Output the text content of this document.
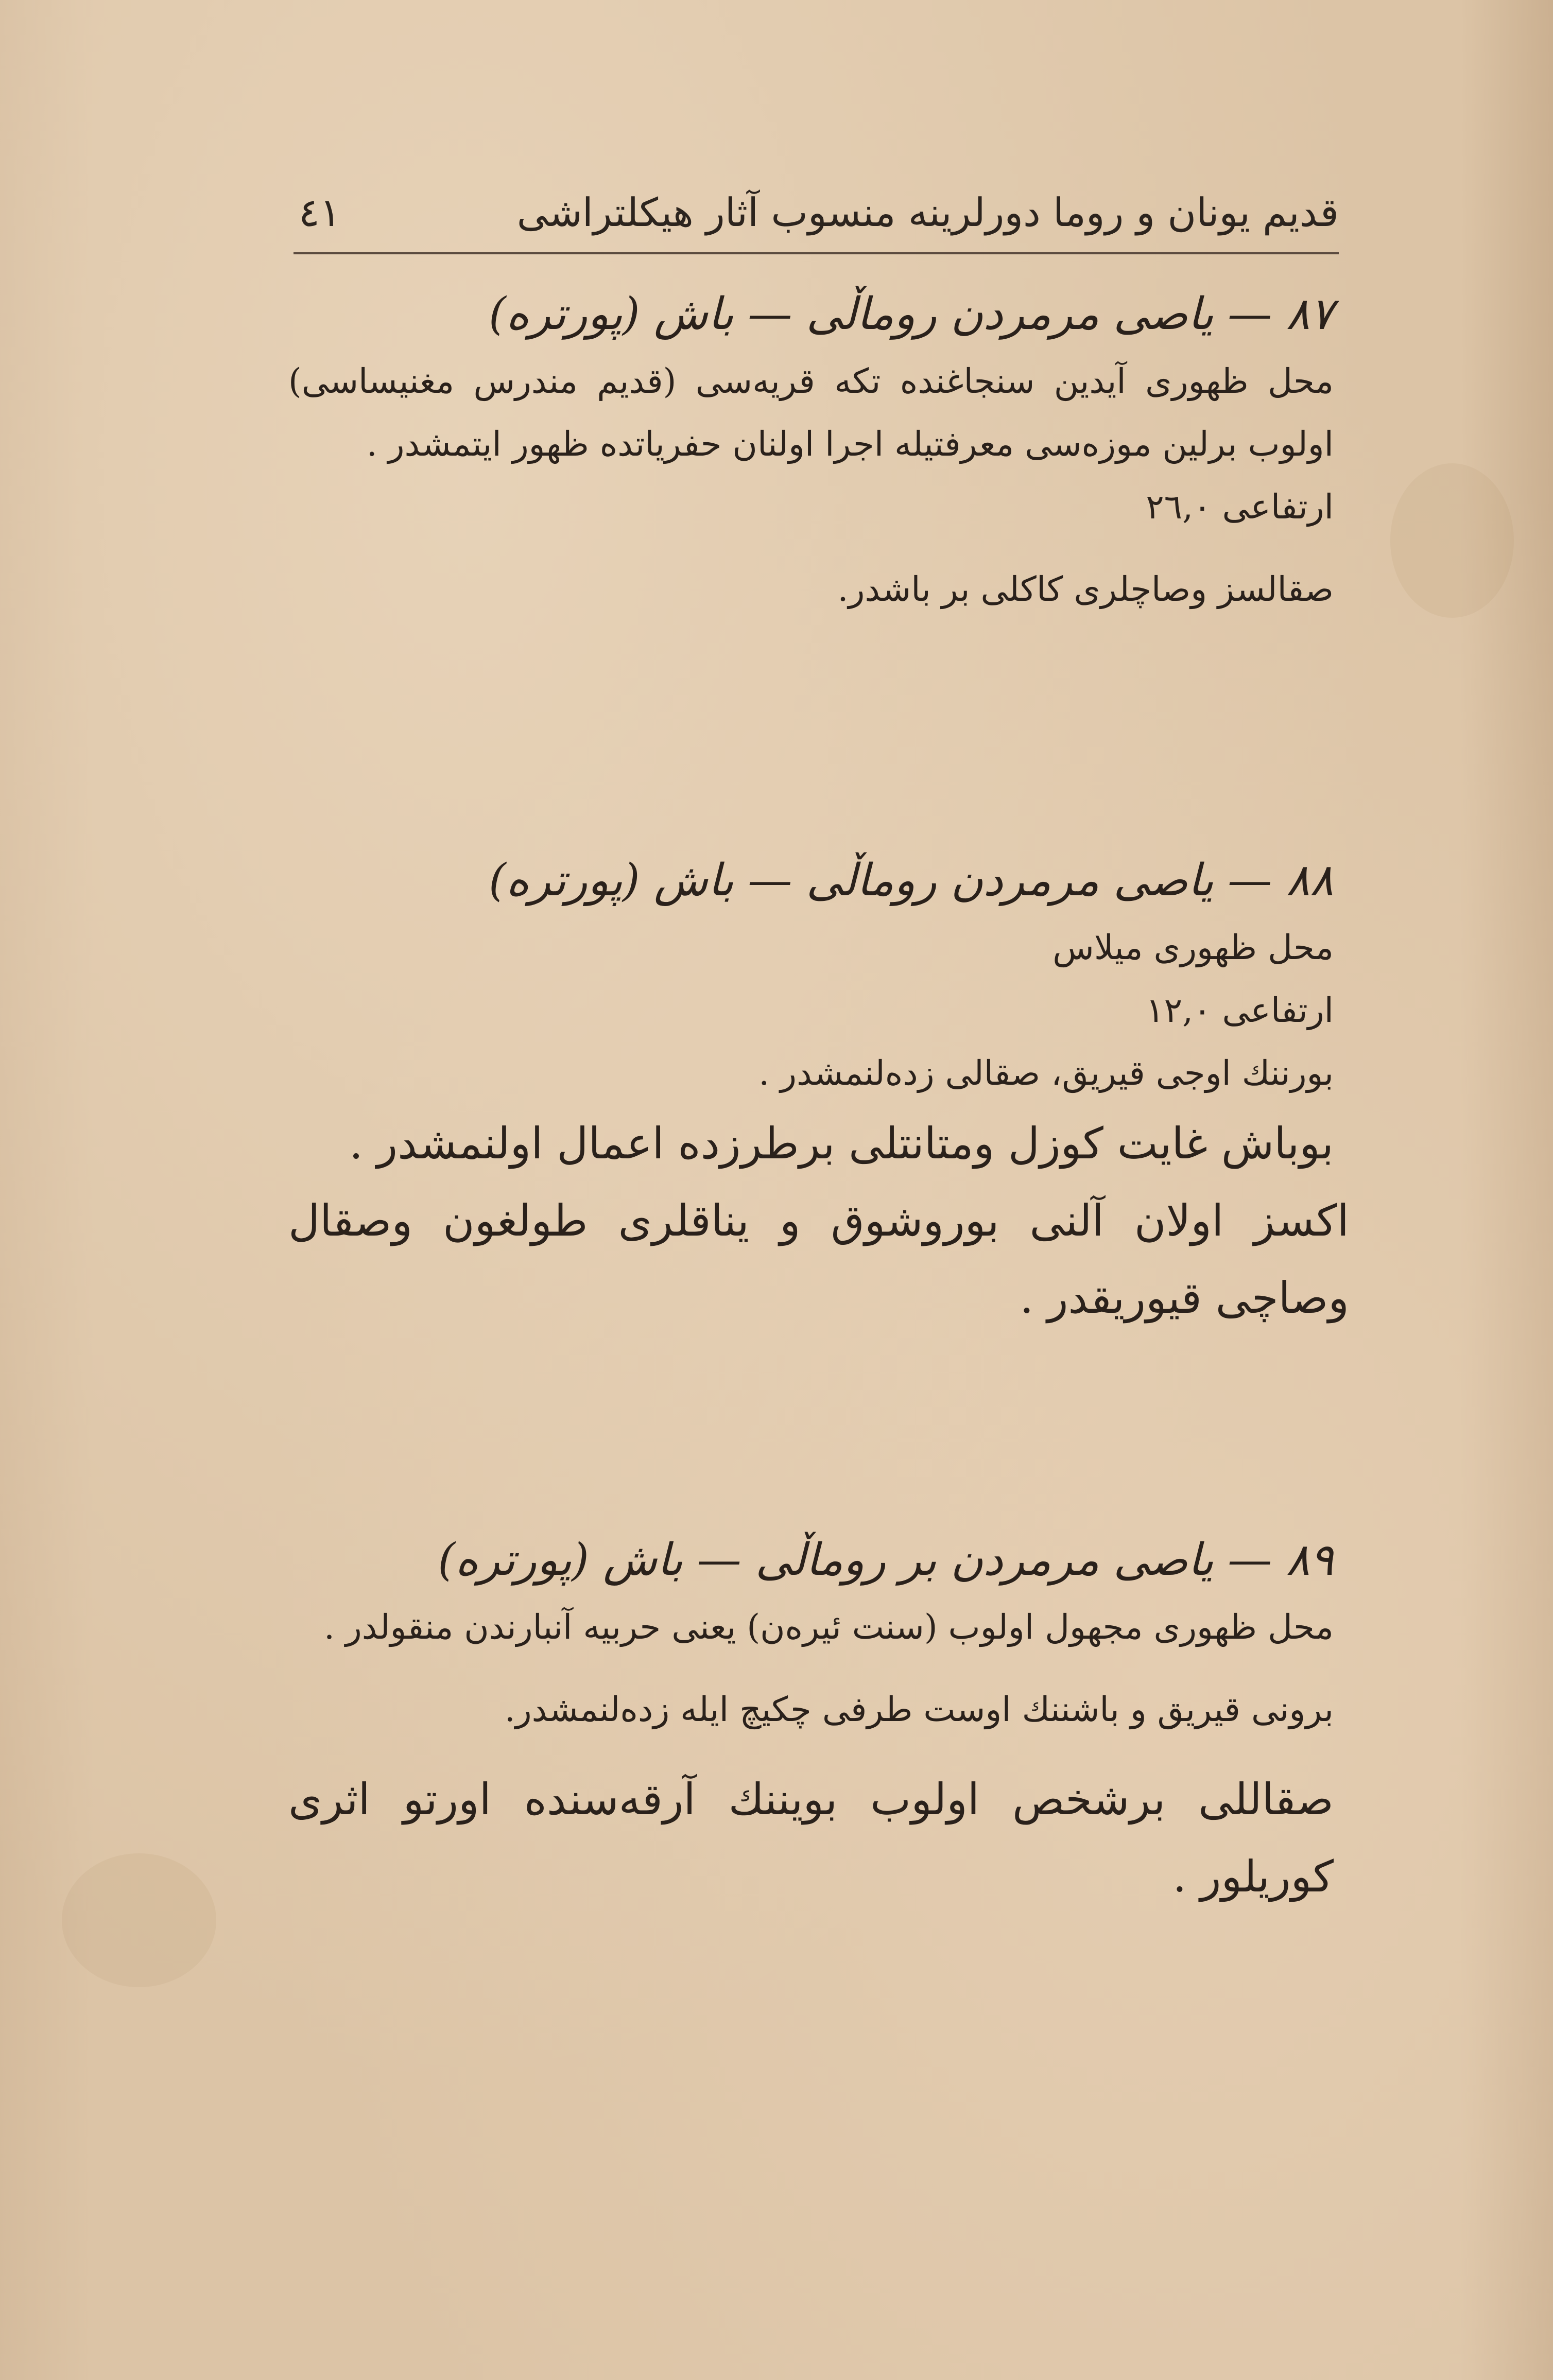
قديم يونان و روما دورلرينه منسوب آثار هيكلتراشى
٤١
٨٧ — ياصى مرمردن روماڵى — باش (پورتره)

محل ظهورى آيدين سنجاغنده تكه قريه‌سى (قديم مندرس مغنيسا‌سى) اولوب برلين موزه‌سى معرفتيله اجرا اولنان حفرياتده ظهور ايتمشدر .

ارتفاعى ٢٦,٠

صقالسز وصاچلرى كاكلى بر باشدر.

٨٨ — ياصى مرمردن روماڵى — باش (پورتره)

محل ظهورى ميلاس

ارتفاعى ١٢,٠

بورننك اوجى قيريق، صقالى زده‌لنمشدر .

بوباش غايت كوزل ومتانتلى برطرزده اعمال اولنمشدر .

اكسز اولان آلنى بوروشوق و يناقلرى طولغون وصقال وصاچى قيوريقدر .

٨٩ — ياصى مرمردن بر روماڵى — باش (پورتره)

محل ظهورى مجهول اولوب (سنت ئيره‌ن) يعنى حربيه آنبارندن منقولدر .

برونى قيريق و باشننك اوست طرفى چكيچ ايله زده‌لنمشدر.

صقاللى برشخص اولوب بويننك آرقه‌سنده اورتو اثرى كوريلور .
